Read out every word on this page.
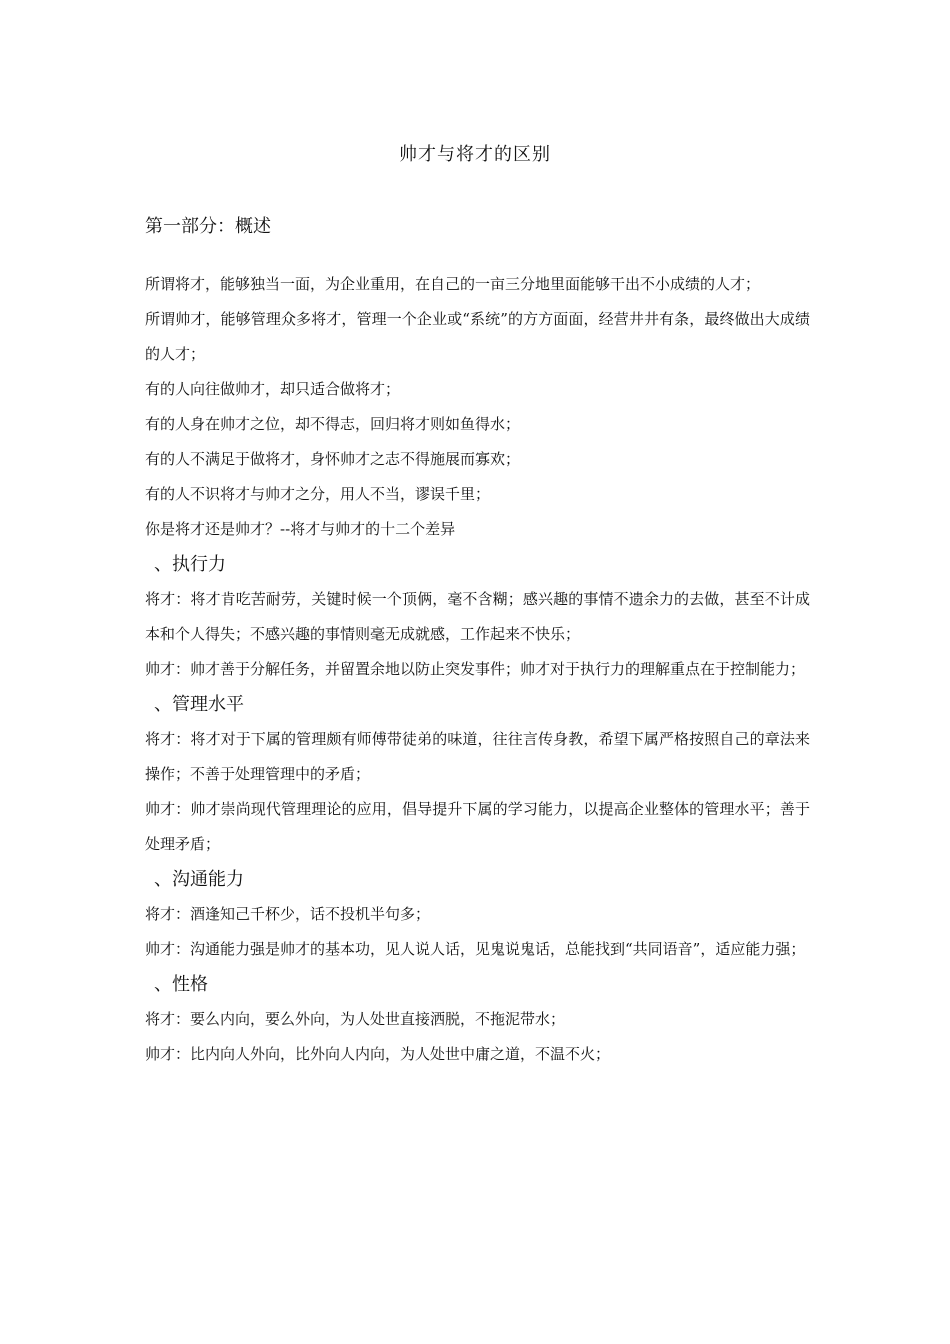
帅才与将才的区别
第一部分：概述

所谓将才，能够独当一面，为企业重用，在自己的一亩三分地里面能够干出不小成绩的人才；

所谓帅才，能够管理众多将才，管理一个企业或“系统”的方方面面，经营井井有条，最终做出大成绩的人才；

有的人向往做帅才，却只适合做将才；

有的人身在帅才之位，却不得志，回归将才则如鱼得水；

有的人不满足于做将才，身怀帅才之志不得施展而寡欢；

有的人不识将才与帅才之分，用人不当，谬误千里；

你是将才还是帅才？--将才与帅才的十二个差异

、执行力

将才：将才肯吃苦耐劳，关键时候一个顶俩，毫不含糊；感兴趣的事情不遗余力的去做，甚至不计成本和个人得失；不感兴趣的事情则毫无成就感，工作起来不快乐；

帅才：帅才善于分解任务，并留置余地以防止突发事件；帅才对于执行力的理解重点在于控制能力；

、管理水平

将才：将才对于下属的管理颇有师傅带徒弟的味道，往往言传身教，希望下属严格按照自己的章法来操作；不善于处理管理中的矛盾；

帅才：帅才崇尚现代管理理论的应用，倡导提升下属的学习能力，以提高企业整体的管理水平；善于处理矛盾；

、沟通能力

将才：酒逢知己千杯少，话不投机半句多；

帅才：沟通能力强是帅才的基本功，见人说人话，见鬼说鬼话，总能找到“共同语音”，适应能力强；

、性格

将才：要么内向，要么外向，为人处世直接洒脱，不拖泥带水；

帅才：比内向人外向，比外向人内向，为人处世中庸之道，不温不火；
